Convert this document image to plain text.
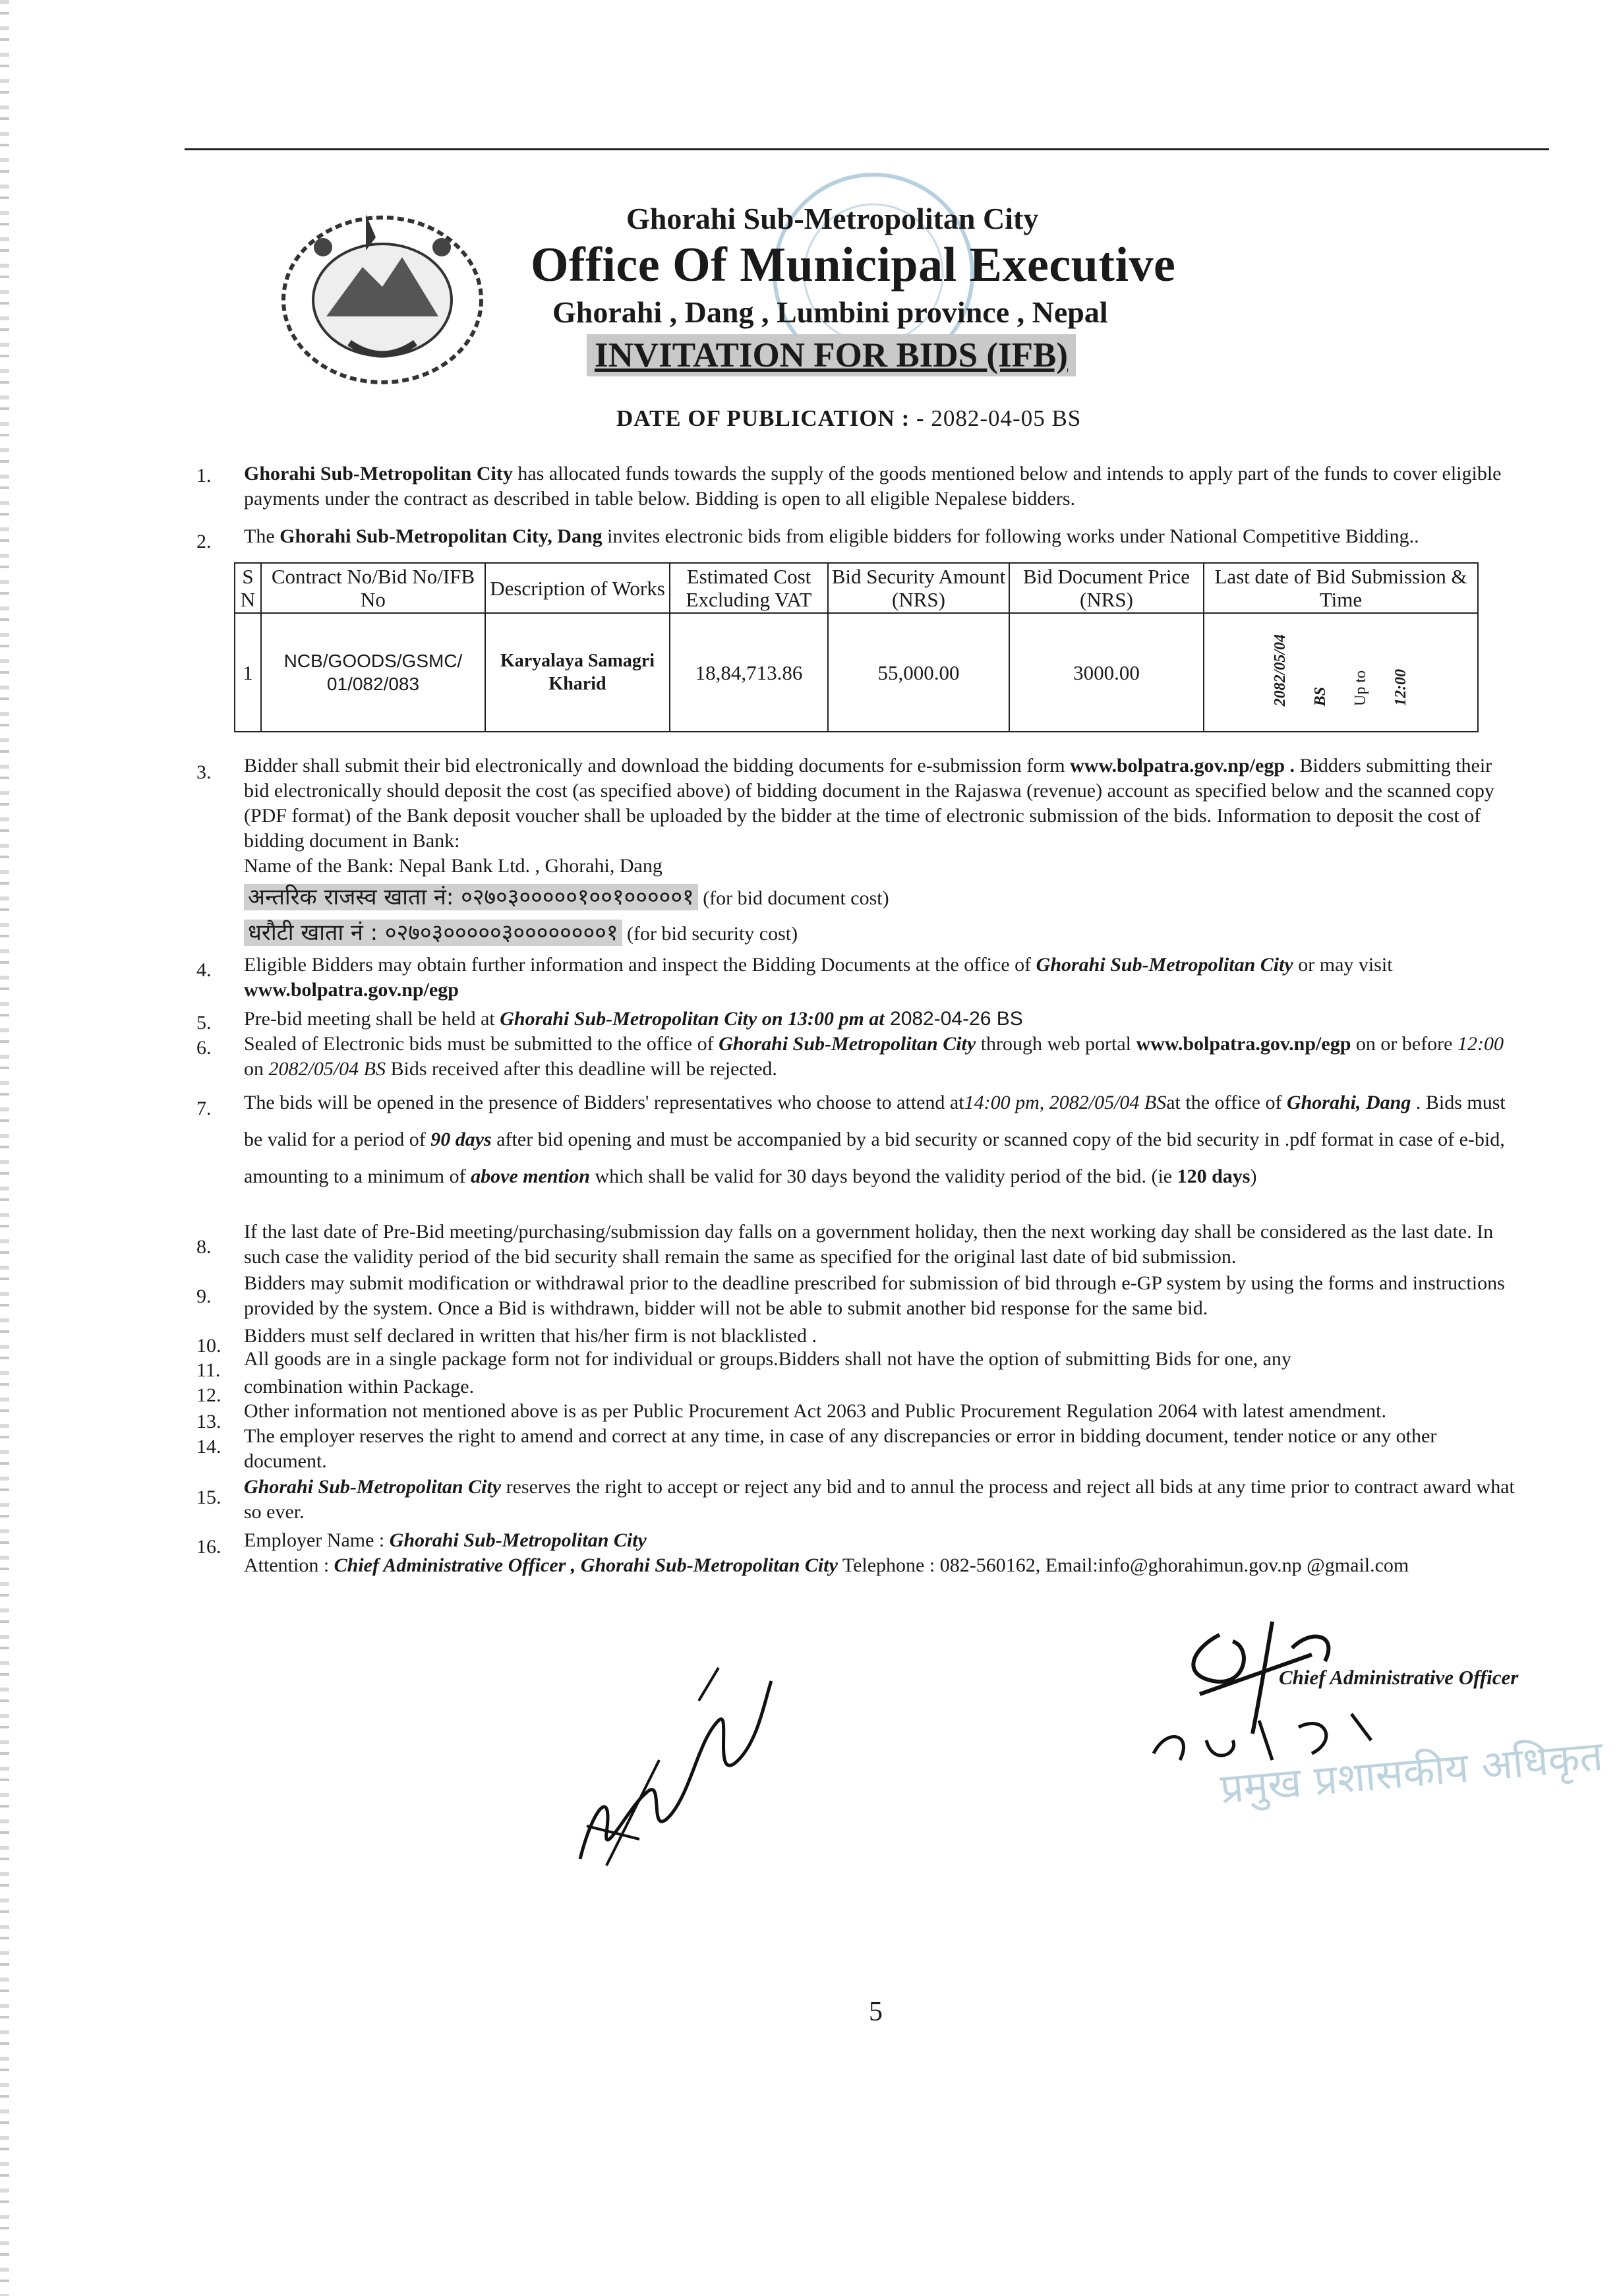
Ghorahi Sub-Metropolitan City
Office Of Municipal Executive
Ghorahi , Dang , Lumbini province , Nepal
INVITATION FOR BIDS (IFB)
DATE OF PUBLICATION : - 2082-04-05 BS
1. Ghorahi Sub-Metropolitan City has allocated funds towards the supply of the goods mentioned below and intends to apply part of the funds to cover eligible payments under the contract as described in table below. Bidding is open to all eligible Nepalese bidders.
2. The Ghorahi Sub-Metropolitan City, Dang invites electronic bids from eligible bidders for following works under National Competitive Bidding..
S N	Contract No/Bid No/IFB No	Description of Works	Estimated Cost Excluding VAT	Bid Security Amount (NRS)	Bid Document Price (NRS)	Last date of Bid Submission & Time
1	NCB/GOODS/GSMC/ 01/082/083	Karyalaya Samagri Kharid	18,84,713.86	55,000.00	3000.00	2082/05/04 BS Up to 12:00
3. Bidder shall submit their bid electronically and download the bidding documents for e-submission form www.bolpatra.gov.np/egp . Bidders submitting their bid electronically should deposit the cost (as specified above) of bidding document in the Rajaswa (revenue) account as specified below and the scanned copy (PDF format) of the Bank deposit voucher shall be uploaded by the bidder at the time of electronic submission of the bids. Information to deposit the cost of bidding document in Bank:
Name of the Bank: Nepal Bank Ltd. , Ghorahi, Dang
अन्तरिक राजस्व खाता नं: ०२७०३०००००१००१०००००१ (for bid document cost)
धरौटी खाता नं : ०२७०३०००००३००००००००१ (for bid security cost)
4. Eligible Bidders may obtain further information and inspect the Bidding Documents at the office of Ghorahi Sub-Metropolitan City or may visit www.bolpatra.gov.np/egp
5. Pre-bid meeting shall be held at Ghorahi Sub-Metropolitan City on 13:00 pm at 2082-04-26 BS
6. Sealed of Electronic bids must be submitted to the office of Ghorahi Sub-Metropolitan City through web portal www.bolpatra.gov.np/egp on or before 12:00 on 2082/05/04 BS Bids received after this deadline will be rejected.
7. The bids will be opened in the presence of Bidders' representatives who choose to attend at14:00 pm, 2082/05/04 BSat the office of Ghorahi, Dang . Bids must be valid for a period of 90 days after bid opening and must be accompanied by a bid security or scanned copy of the bid security in .pdf format in case of e-bid, amounting to a minimum of above mention which shall be valid for 30 days beyond the validity period of the bid. (ie 120 days)
8.
If the last date of Pre-Bid meeting/purchasing/submission day falls on a government holiday, then the next working day shall be considered as the last date. In such case the validity period of the bid security shall remain the same as specified for the original last date of bid submission.
9.
Bidders may submit modification or withdrawal prior to the deadline prescribed for submission of bid through e-GP system by using the forms and instructions provided by the system. Once a Bid is withdrawn, bidder will not be able to submit another bid response for the same bid.
10. Bidders must self declared in written that his/her firm is not blacklisted .
11.
All goods are in a single package form not for individual or groups.Bidders shall not have the option of submitting Bids for one, any
12. combination within Package.
13. Other information not mentioned above is as per Public Procurement Act 2063 and Public Procurement Regulation 2064 with latest amendment.
14. The employer reserves the right to amend and correct at any time, in case of any discrepancies or error in bidding document, tender notice or any other document.
15. Ghorahi Sub-Metropolitan City reserves the right to accept or reject any bid and to annul the process and reject all bids at any time prior to contract award what so ever.
16. Employer Name : Ghorahi Sub-Metropolitan City
Attention : Chief Administrative Officer , Ghorahi Sub-Metropolitan City Telephone : 082-560162, Email:info@ghorahimun.gov.np @gmail.com
Chief Administrative Officer
प्रमुख प्रशासकीय अधिकृत
5
